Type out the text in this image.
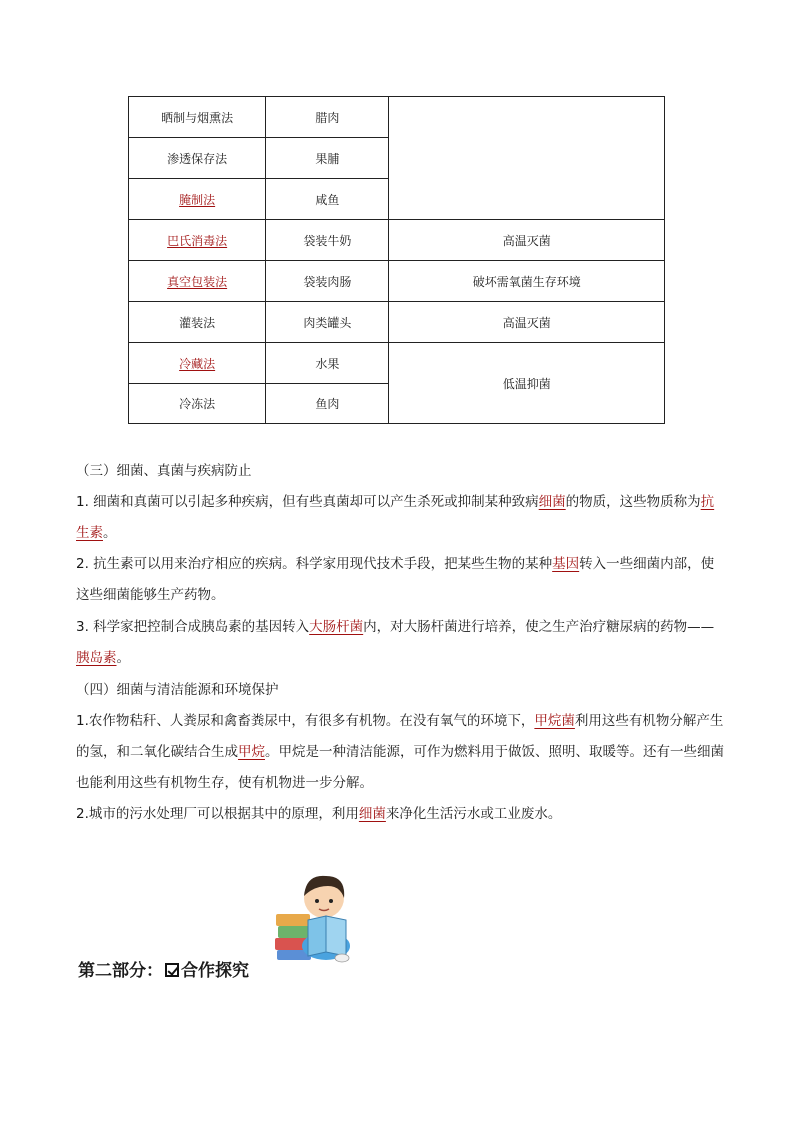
晒制与烟熏法	腊肉	
渗透保存法	果脯	
腌制法	咸鱼	
巴氏消毒法	袋装牛奶	高温灭菌
真空包装法	袋装肉肠	破坏需氧菌生存环境
灌装法	肉类罐头	高温灭菌
冷藏法	水果	低温抑菌
冷冻法	鱼肉	

（三）细菌、真菌与疾病防止

1. 细菌和真菌可以引起多种疾病，但有些真菌却可以产生杀死或抑制某种致病细菌的物质，这些物质称为抗生素。

2. 抗生素可以用来治疗相应的疾病。科学家用现代技术手段，把某些生物的某种基因转入一些细菌内部，使这些细菌能够生产药物。

3. 科学家把控制合成胰岛素的基因转入大肠杆菌内，对大肠杆菌进行培养，使之生产治疗糖尿病的药物——胰岛素。

（四）细菌与清洁能源和环境保护

1.农作物秸秆、人粪尿和禽畜粪尿中，有很多有机物。在没有氧气的环境下，甲烷菌利用这些有机物分解产生的氢，和二氧化碳结合生成甲烷。甲烷是一种清洁能源，可作为燃料用于做饭、照明、取暖等。还有一些细菌也能利用这些有机物生存，使有机物进一步分解。

2.城市的污水处理厂可以根据其中的原理，利用细菌来净化生活污水或工业废水。

第二部分： 合作探究
